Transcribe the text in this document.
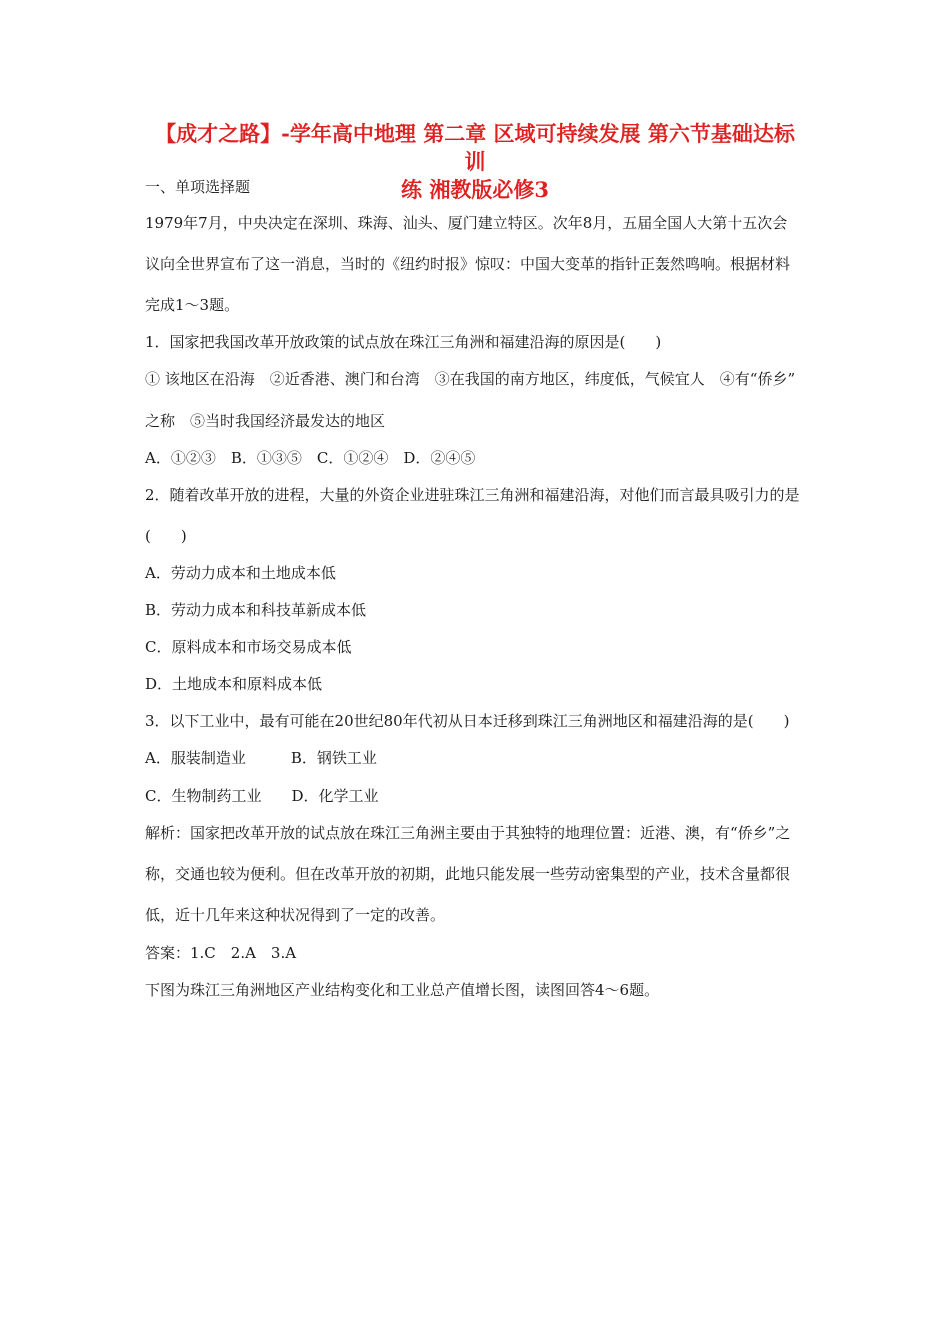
【成才之路】-学年高中地理 第二章 区域可持续发展 第六节基础达标训
练 湘教版必修3
一、单项选择题
1979年7月，中央决定在深圳、珠海、汕头、厦门建立特区。次年8月，五届全国人大第十五次会
议向全世界宣布了这一消息，当时的《纽约时报》惊叹：中国大变革的指针正轰然鸣响。根据材料
完成1～3题。
1．国家把我国改革开放政策的试点放在珠江三角洲和福建沿海的原因是(　　)
① 该地区在沿海　②近香港、澳门和台湾　③在我国的南方地区，纬度低，气候宜人　④有“侨乡”
之称　⑤当时我国经济最发达的地区
A．①②③　B．①③⑤　C．①②④　D．②④⑤
2．随着改革开放的进程，大量的外资企业进驻珠江三角洲和福建沿海，对他们而言最具吸引力的是
(　　)
A．劳动力成本和土地成本低
B．劳动力成本和科技革新成本低
C．原料成本和市场交易成本低
D．土地成本和原料成本低
3．以下工业中，最有可能在20世纪80年代初从日本迁移到珠江三角洲地区和福建沿海的是(　　)
A．服装制造业　　　B．钢铁工业
C．生物制药工业　　D．化学工业
解析：国家把改革开放的试点放在珠江三角洲主要由于其独特的地理位置：近港、澳，有“侨乡”之
称，交通也较为便利。但在改革开放的初期，此地只能发展一些劳动密集型的产业，技术含量都很
低，近十几年来这种状况得到了一定的改善。
答案：1.C　2.A　3.A
下图为珠江三角洲地区产业结构变化和工业总产值增长图，读图回答4～6题。
